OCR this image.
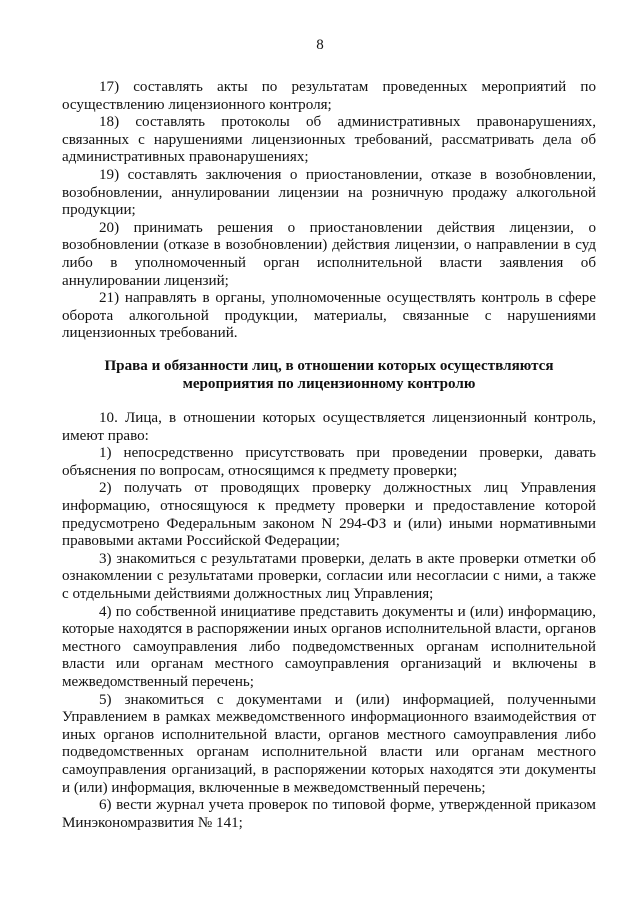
8

17) составлять акты по результатам проведенных мероприятий по осуществлению лицензионного контроля;

18) составлять протоколы об административных правонарушениях, связанных с нарушениями лицензионных требований, рассматривать дела об административных правонарушениях;

19) составлять заключения о приостановлении, отказе в возобновлении, возобновлении, аннулировании лицензии на розничную продажу алкогольной продукции;

20) принимать решения о приостановлении действия лицензии, о возобновлении (отказе в возобновлении) действия лицензии, о направлении в суд либо в уполномоченный орган исполнительной власти заявления об аннулировании лицензий;

21) направлять в органы, уполномоченные осуществлять контроль в сфере оборота алкогольной продукции, материалы, связанные с нарушениями лицензионных требований.

Права и обязанности лиц, в отношении которых осуществляются
мероприятия по лицензионному контролю

10. Лица, в отношении которых осуществляется лицензионный контроль, имеют право:

1) непосредственно присутствовать при проведении проверки, давать объяснения по вопросам, относящимся к предмету проверки;

2) получать от проводящих проверку должностных лиц Управления информацию, относящуюся к предмету проверки и предоставление которой предусмотрено Федеральным законом N 294-ФЗ и (или) иными нормативными правовыми актами Российской Федерации;

3) знакомиться с результатами проверки, делать в акте проверки отметки об ознакомлении с результатами проверки, согласии или несогласии с ними, а также с отдельными действиями должностных лиц Управления;

4) по собственной инициативе представить документы и (или) информацию, которые находятся в распоряжении иных органов исполнительной власти, органов местного самоуправления либо подведомственных органам исполнительной власти или органам местного самоуправления организаций и включены в межведомственный перечень;

5) знакомиться с документами и (или) информацией, полученными Управлением в рамках межведомственного информационного взаимодействия от иных органов исполнительной власти, органов местного самоуправления либо подведомственных органам исполнительной власти или органам местного самоуправления организаций, в распоряжении которых находятся эти документы и (или) информация, включенные в межведомственный перечень;

6) вести журнал учета проверок по типовой форме, утвержденной приказом Минэкономразвития № 141;
